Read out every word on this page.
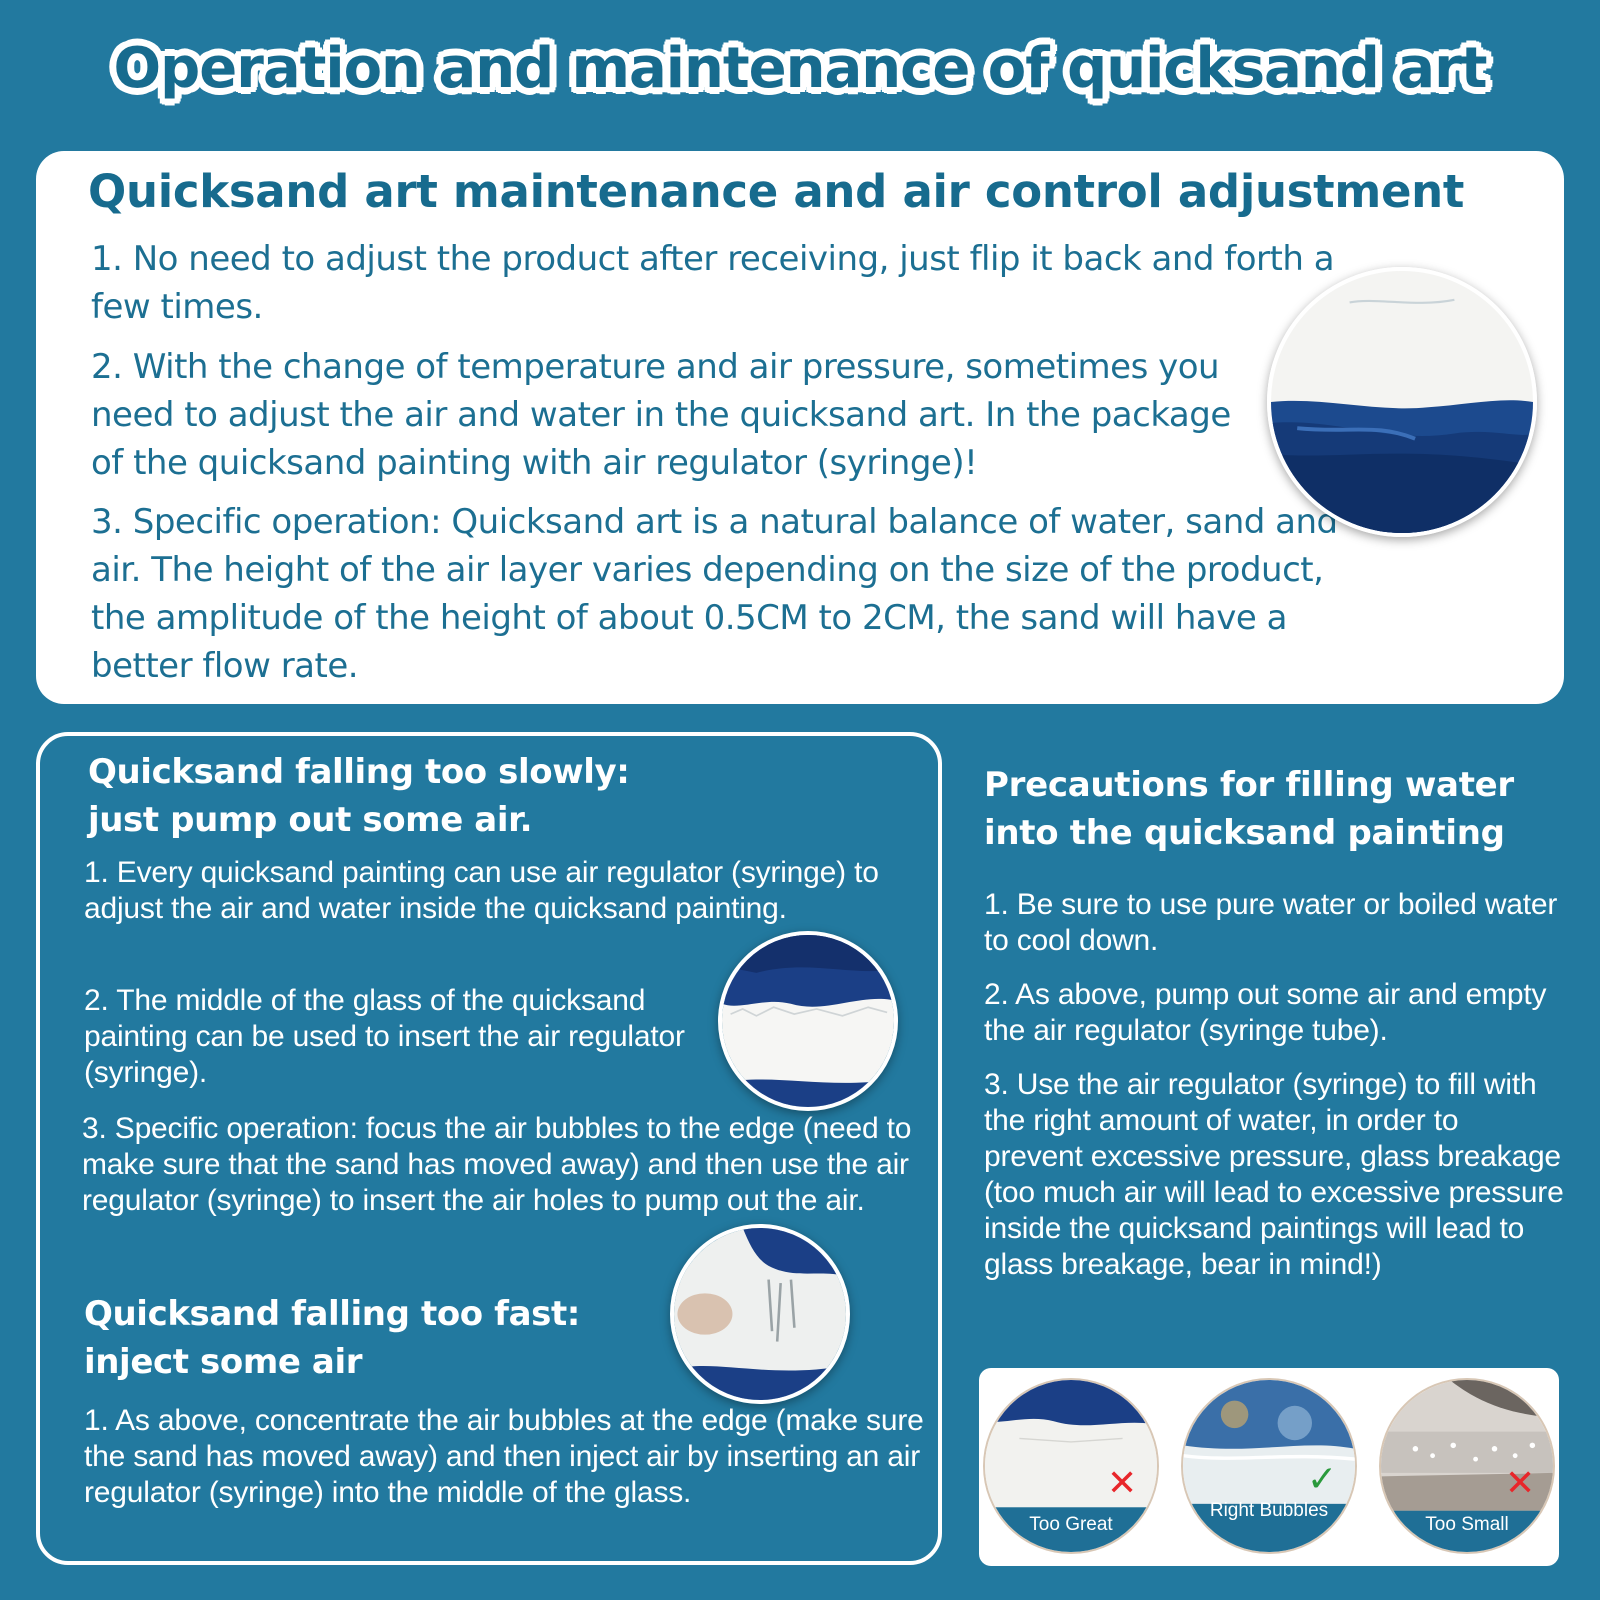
Operation and maintenance of quicksand art
Quicksand art maintenance and air control adjustment
1. No need to adjust the product after receiving, just flip it back and forth a few times.
2. With the change of temperature and air pressure, sometimes you need to adjust the air and water in the quicksand art. In the package of the quicksand painting with air regulator (syringe)!
3. Specific operation: Quicksand art is a natural balance of water, sand and air. The height of the air layer varies depending on the size of the product, the amplitude of the height of about 0.5CM to 2CM, the sand will have a better flow rate.
Quicksand falling too slowly:
just pump out some air.
1. Every quicksand painting can use air regulator (syringe) to adjust the air and water inside the quicksand painting.
2. The middle of the glass of the quicksand painting can be used to insert the air regulator (syringe).
3. Specific operation: focus the air bubbles to the edge (need to make sure that the sand has moved away) and then use the air regulator (syringe) to insert the air holes to pump out the air.
Quicksand falling too fast:
inject some air
1. As above, concentrate the air bubbles at the edge (make sure the sand has moved away) and then inject air by inserting an air regulator (syringe) into the middle of the glass.
Precautions for filling water
into the quicksand painting
1. Be sure to use pure water or boiled water to cool down.
2. As above, pump out some air and empty the air regulator (syringe tube).
3. Use the air regulator (syringe) to fill with the right amount of water, in order to prevent excessive pressure, glass breakage (too much air will lead to excessive pressure inside the quicksand paintings will lead to glass breakage, bear in mind!)
Too Great
✕
Right Bubbles
✓
Too Small
✕
